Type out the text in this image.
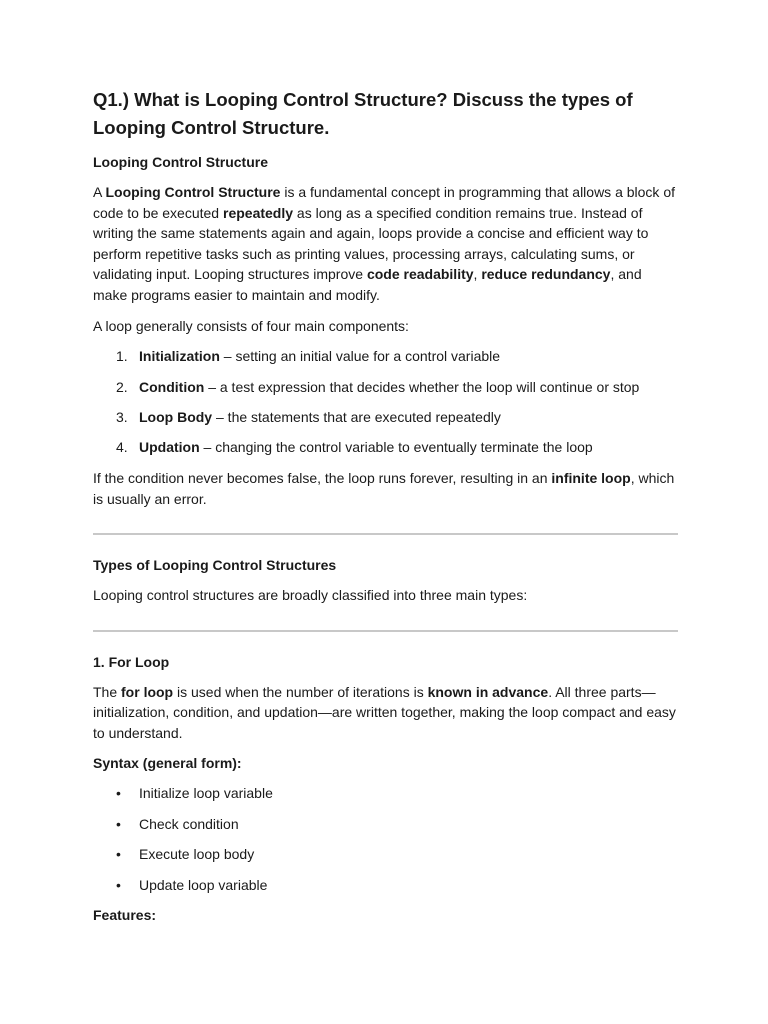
Q1.) What is Looping Control Structure? Discuss the types of Looping Control Structure.
Looping Control Structure
A Looping Control Structure is a fundamental concept in programming that allows a block of code to be executed repeatedly as long as a specified condition remains true. Instead of writing the same statements again and again, loops provide a concise and efficient way to perform repetitive tasks such as printing values, processing arrays, calculating sums, or validating input. Looping structures improve code readability, reduce redundancy, and make programs easier to maintain and modify.
A loop generally consists of four main components:
1. Initialization – setting an initial value for a control variable
2. Condition – a test expression that decides whether the loop will continue or stop
3. Loop Body – the statements that are executed repeatedly
4. Updation – changing the control variable to eventually terminate the loop
If the condition never becomes false, the loop runs forever, resulting in an infinite loop, which is usually an error.
Types of Looping Control Structures
Looping control structures are broadly classified into three main types:
1. For Loop
The for loop is used when the number of iterations is known in advance. All three parts—initialization, condition, and updation—are written together, making the loop compact and easy to understand.
Syntax (general form):
• Initialize loop variable
• Check condition
• Execute loop body
• Update loop variable
Features:
